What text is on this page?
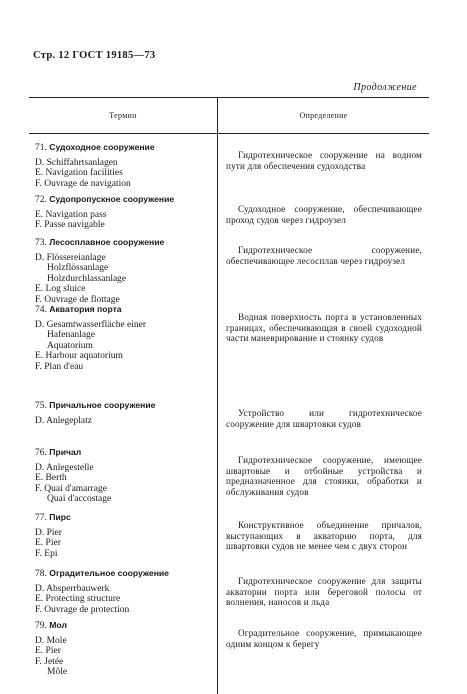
Стр. 12 ГОСТ 19185—73
Продолжение
Термин	Определение
71. Судоходное сооружение
D. Schiffahrtsanlagen
E. Navigation facilities
F. Ouvrage de navigation
Гидротехническое сооружение на водном пути для обеспечения судоходства
72. Судопропускное сооружение
E. Navigation pass
F. Passe navigable
Судоходное сооружение, обеспечивающее проход судов через гидроузел
73. Лесосплавное сооружение
D. Flössereianlage
Holzflössanlage
Holzdurchlassanlage
E. Log sluice
F. Ouvrage de flottage
Гидротехническое сооружение, обеспечивающее лесосплав через гидроузел
74. Акватория порта
D. Gesamtwasserfläche einer
Hafenanlage
Aquatorium
E. Harbour aquatorium
F. Plan d'eau
Водная поверхность порта в установленных границах, обеспечивающая в своей судоходной части маневрирование и стоянку судов
75. Причальное сооружение
D. Anlegeplatz
Устройство или гидротехническое сооружение для швартовки судов
76. Причал
D. Anlegestelle
E. Berth
F. Quai d'amarrage
Quai d'accostage
Гидротехническое сооружение, имеющее швартовые и отбойные устройства и предназначенное для стоянки, обработки и обслуживания судов
77. Пирс
D. Pier
E. Pier
F. Epi
Конструктивное объединение причалов, выступающих в акваторию порта, для швартовки судов не менее чем с двух сторон
78. Оградительное сооружение
D. Absperrbauwerk
E. Protecting structure
F. Ouvrage de protection
Гидротехническое сооружение для защиты акватории порта или береговой полосы от волнения, наносов и льда
79. Мол
D. Mole
E. Pier
F. Jetée
Môle
Оградительное сооружение, примыкающее одним концом к берегу
